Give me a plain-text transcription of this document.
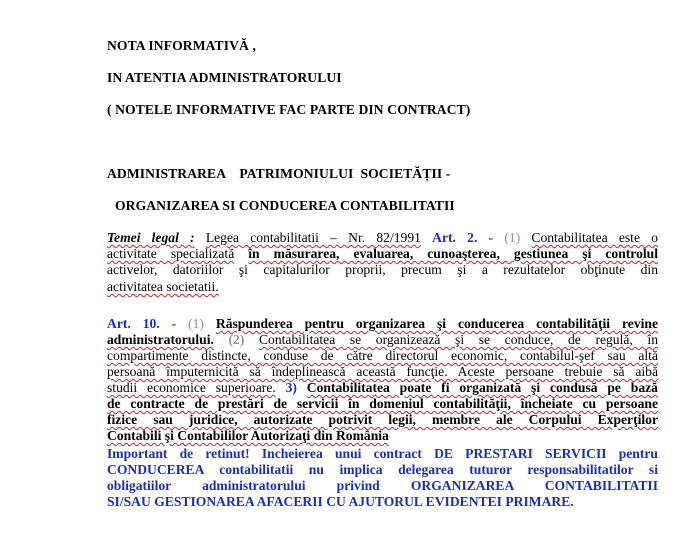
NOTA INFORMATIVĂ ,
IN ATENTIA ADMINISTRATORULUI
( NOTELE INFORMATIVE FAC PARTE DIN CONTRACT)
ADMINISTRAREA    PATRIMONIULUI  SOCIETĂȚII -
ORGANIZAREA SI CONDUCEREA CONTABILITATII
Temei legal : Legea contabilitatii – Nr. 82/1991 Art. 2. - (1) Contabilitatea este o
activitate specializată în măsurarea, evaluarea, cunoaşterea, gestiunea şi controlul
activelor, datoriilor şi capitalurilor proprii, precum şi a rezultatelor obţinute din
activitatea societatii.
Art. 10. - (1) Răspunderea pentru organizarea şi conducerea contabilităţii revine
administratorului. (2) Contabilitatea se organizează şi se conduce, de regulă, în
compartimente distincte, conduse de către directorul economic, contabilul-şef sau altă
persoană împuternicită să îndeplinească această funcţie. Aceste persoane trebuie să aibă
studii economice superioare. 3) Contabilitatea poate fi organizată şi condusă pe bază
de contracte de prestări de servicii în domeniul contabilităţii, încheiate cu persoane
fizice sau juridice, autorizate potrivit legii, membre ale Corpului Experţilor
Contabili şi Contabililor Autorizaţi din România
Important de retinut! Incheierea unui contract DE PRESTARI SERVICII pentru
CONDUCEREA contabilitatii nu implica delegarea tuturor responsabilitatilor si
obligatiilor administratorului privind ORGANIZAREA CONTABILITATII
SI/SAU GESTIONAREA AFACERII CU AJUTORUL EVIDENTEI PRIMARE.
